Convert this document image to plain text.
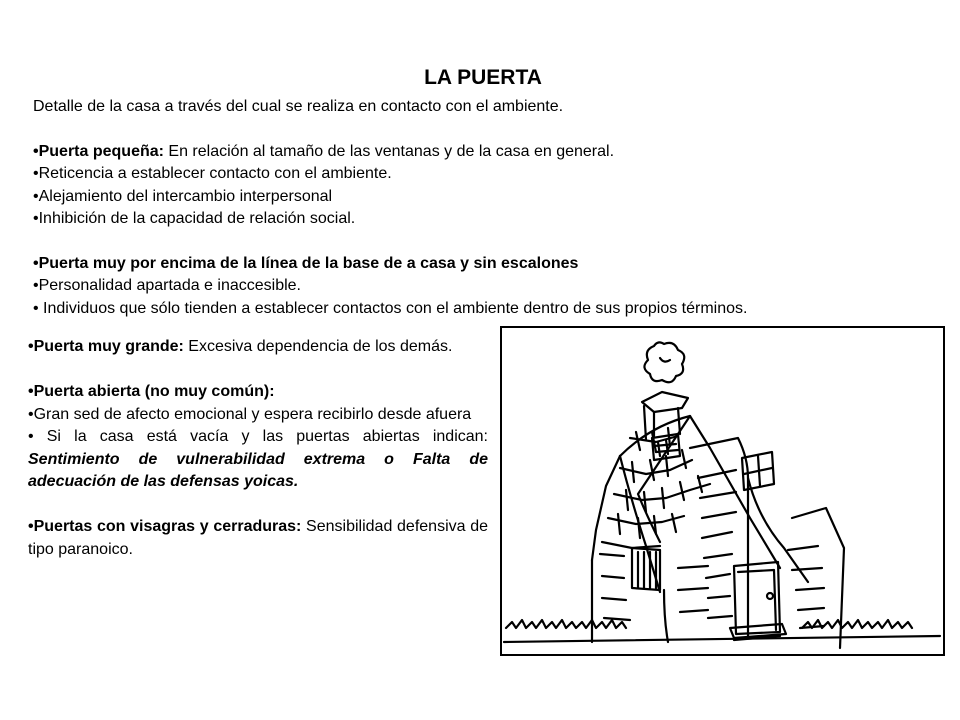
LA PUERTA

Detalle de la casa a través del cual se realiza en contacto con el ambiente.

•Puerta pequeña: En relación al tamaño de las ventanas y de la casa en general.

•Reticencia a establecer contacto con el ambiente.

•Alejamiento del intercambio interpersonal

•Inhibición de la capacidad de relación social.

•Puerta muy por encima de la línea de la base de a casa y sin escalones

•Personalidad apartada e inaccesible.

• Individuos que sólo tienden a establecer contactos con el ambiente dentro de sus propios términos.

•Puerta muy grande: Excesiva dependencia de los demás.

•Puerta abierta (no muy común):

•Gran sed de afecto emocional y espera recibirlo desde afuera

• Si la casa está vacía y las puertas abiertas indican: Sentimiento de vulnerabilidad extrema o Falta de adecuación de las defensas yoicas.

•Puertas con visagras y cerraduras: Sensibilidad defensiva de tipo paranoico.
